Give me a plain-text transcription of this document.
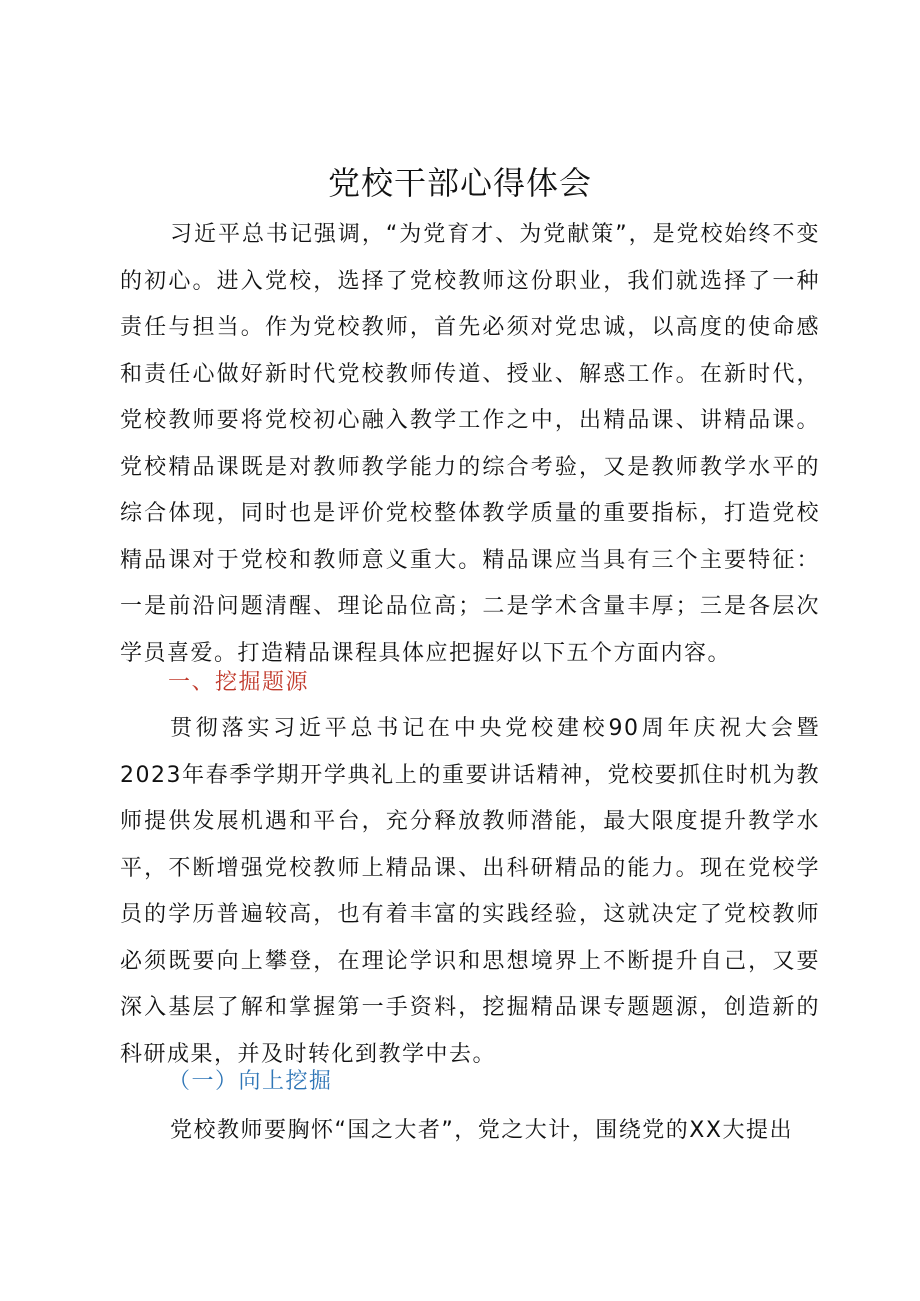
党校干部心得体会

习近平总书记强调，“为党育才、为党献策”，是党校始终不变的初心。进入党校，选择了党校教师这份职业，我们就选择了一种责任与担当。作为党校教师，首先必须对党忠诚，以高度的使命感和责任心做好新时代党校教师传道、授业、解惑工作。在新时代，党校教师要将党校初心融入教学工作之中，出精品课、讲精品课。党校精品课既是对教师教学能力的综合考验，又是教师教学水平的综合体现，同时也是评价党校整体教学质量的重要指标，打造党校精品课对于党校和教师意义重大。精品课应当具有三个主要特征：一是前沿问题清醒、理论品位高；二是学术含量丰厚；三是各层次学员喜爱。打造精品课程具体应把握好以下五个方面内容。

一、挖掘题源

贯彻落实习近平总书记在中央党校建校90周年庆祝大会暨2023年春季学期开学典礼上的重要讲话精神，党校要抓住时机为教师提供发展机遇和平台，充分释放教师潜能，最大限度提升教学水平，不断增强党校教师上精品课、出科研精品的能力。现在党校学员的学历普遍较高，也有着丰富的实践经验，这就决定了党校教师必须既要向上攀登，在理论学识和思想境界上不断提升自己，又要深入基层了解和掌握第一手资料，挖掘精品课专题题源，创造新的科研成果，并及时转化到教学中去。

（一）向上挖掘

党校教师要胸怀“国之大者”，党之大计，围绕党的XX大提出
